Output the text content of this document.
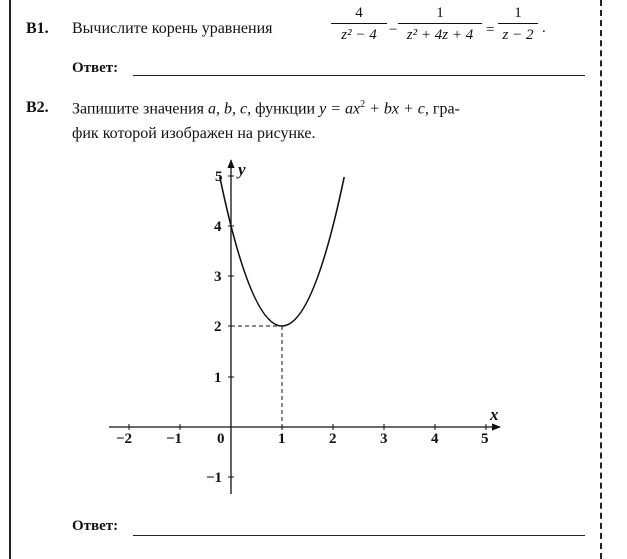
B1. Вычислите корень уравнения
4
z² − 4 −
1
z² + 4z + 4 =
1
z − 2 .
Ответ:
B2. Запишите значения a, b, c, функции $y = ax^2$ + bx + c, гра-
фик которой изображен на рисунке.
−2 −1 0	1	2	3	4	5
−1
1
2
3
4
5
x
y
Ответ:
